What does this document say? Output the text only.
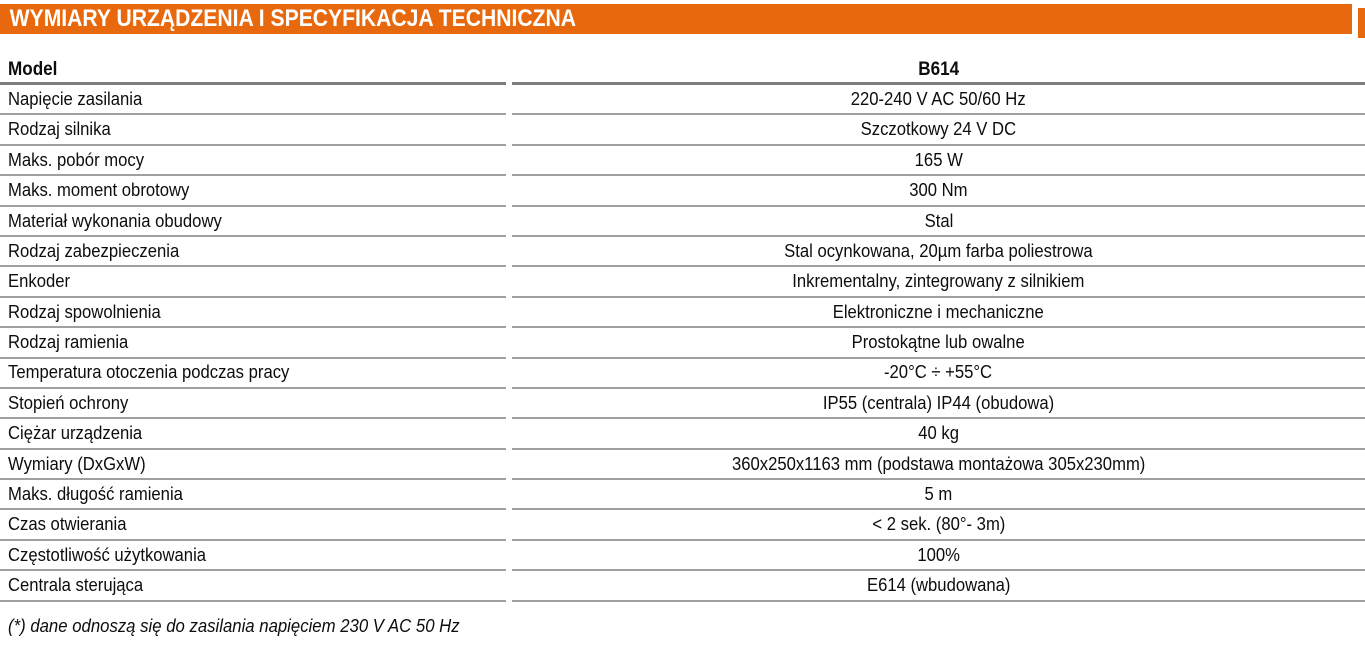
WYMIARY URZĄDZENIA I SPECYFIKACJA TECHNICZNA
Model	B614
Napięcie zasilania	220-240 V AC 50/60 Hz
Rodzaj silnika	Szczotkowy 24 V DC
Maks. pobór mocy	165 W
Maks. moment obrotowy	300 Nm
Materiał wykonania obudowy	Stal
Rodzaj zabezpieczenia	Stal ocynkowana, 20µm farba poliestrowa
Enkoder	Inkrementalny, zintegrowany z silnikiem
Rodzaj spowolnienia	Elektroniczne i mechaniczne
Rodzaj ramienia	Prostokątne lub owalne
Temperatura otoczenia podczas pracy	-20°C ÷ +55°C
Stopień ochrony	IP55 (centrala) IP44 (obudowa)
Ciężar urządzenia	40 kg
Wymiary (DxGxW)	360x250x1163 mm (podstawa montażowa 305x230mm)
Maks. długość ramienia	5 m
Czas otwierania	< 2 sek. (80°- 3m)
Częstotliwość użytkowania	100%
Centrala sterująca	E614 (wbudowana)

(*) dane odnoszą się do zasilania napięciem 230 V AC 50 Hz
